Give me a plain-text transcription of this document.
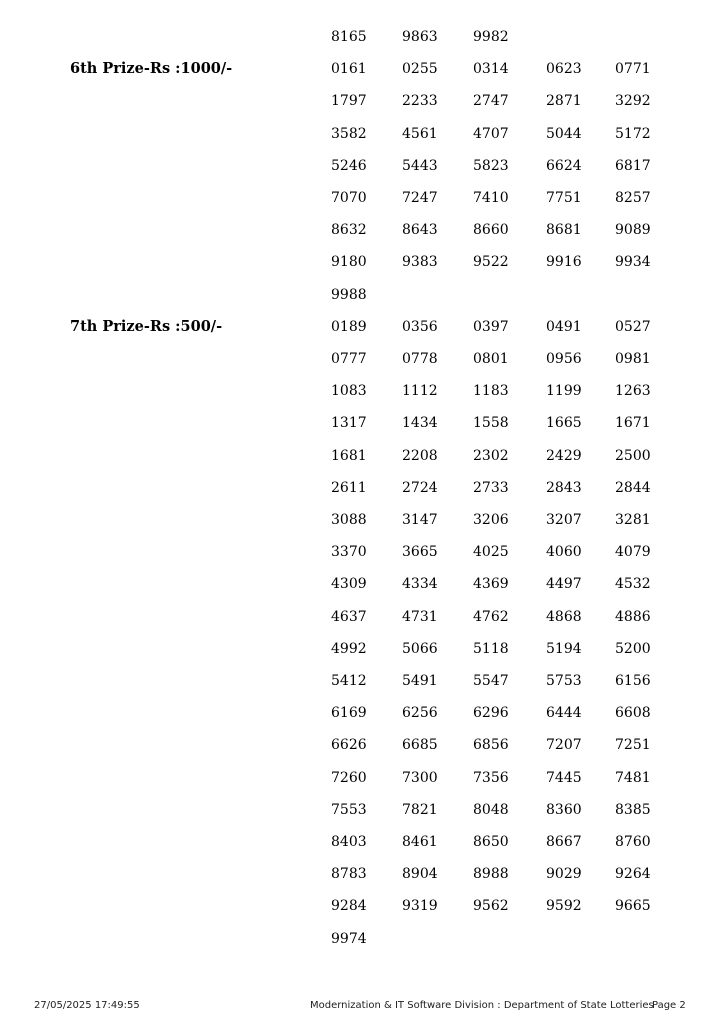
27/05/2025 17:49:55	Modernization & IT Software Division : Department of State Lotteries
Page 2
8165	9863	9982
6th Prize-Rs :1000/-	0161	0255	0314	0623 0771
1797	2233	2747	2871 3292
3582	4561	4707	5044 5172
5246	5443	5823	6624 6817
7070	7247	7410	7751 8257
8632	8643	8660	8681 9089
9180	9383	9522	9916 9934
9988
7th Prize-Rs :500/-	0189	0356	0397	0491 0527
0777	0778	0801	0956 0981
1083	1112	1183	1199 1263
1317	1434	1558	1665 1671
1681	2208	2302	2429 2500
2611	2724	2733	2843 2844
3088	3147	3206	3207 3281
3370	3665	4025	4060 4079
4309	4334	4369	4497 4532
4637	4731	4762	4868 4886
4992	5066	5118	5194 5200
5412	5491	5547	5753 6156
6169	6256	6296	6444 6608
6626	6685	6856	7207 7251
7260	7300	7356	7445 7481
7553	7821	8048	8360 8385
8403	8461	8650	8667 8760
8783	8904	8988	9029 9264
9284	9319	9562	9592 9665
9974
